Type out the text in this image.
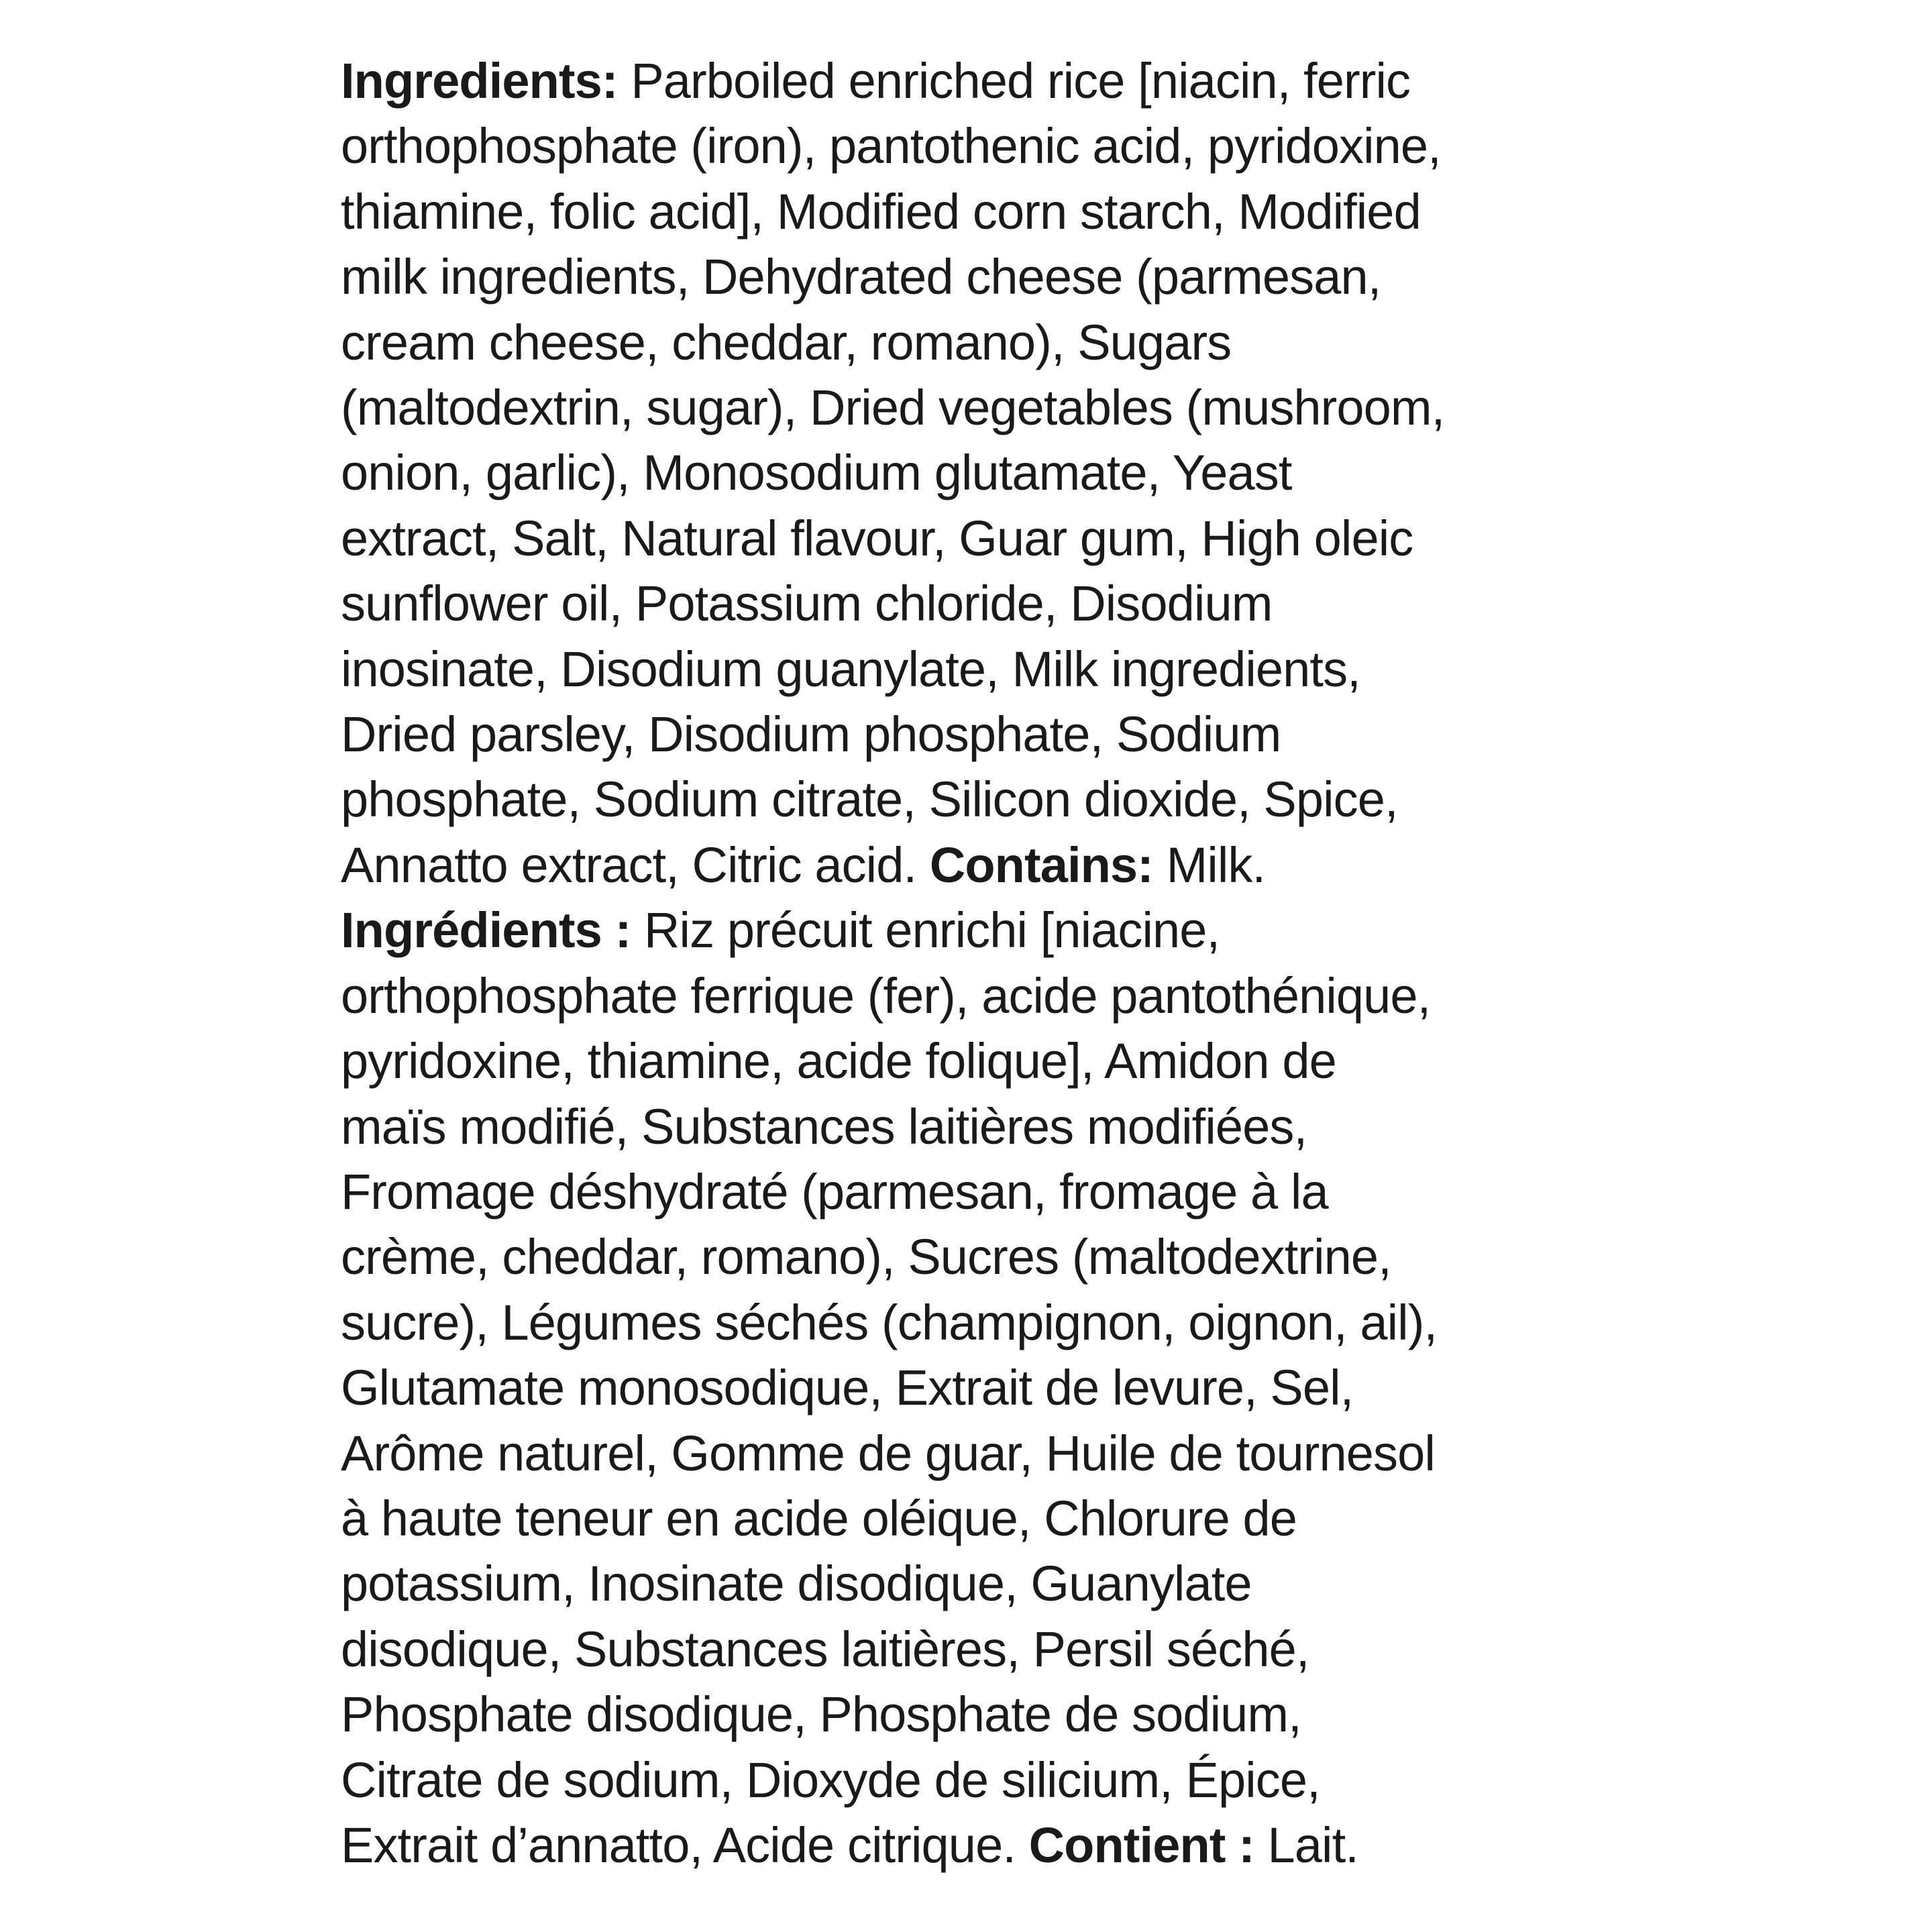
Ingredients: Parboiled enriched rice [niacin, ferric
orthophosphate (iron), pantothenic acid, pyridoxine,
thiamine, folic acid], Modified corn starch, Modified
milk ingredients, Dehydrated cheese (parmesan,
cream cheese, cheddar, romano), Sugars
(maltodextrin, sugar), Dried vegetables (mushroom,
onion, garlic), Monosodium glutamate, Yeast
extract, Salt, Natural flavour, Guar gum, High oleic
sunflower oil, Potassium chloride, Disodium
inosinate, Disodium guanylate, Milk ingredients,
Dried parsley, Disodium phosphate, Sodium
phosphate, Sodium citrate, Silicon dioxide, Spice,
Annatto extract, Citric acid. Contains: Milk.
Ingrédients : Riz précuit enrichi [niacine,
orthophosphate ferrique (fer), acide pantothénique,
pyridoxine, thiamine, acide folique], Amidon de
maïs modifié, Substances laitières modifiées,
Fromage déshydraté (parmesan, fromage à la
crème, cheddar, romano), Sucres (maltodextrine,
sucre), Légumes séchés (champignon, oignon, ail),
Glutamate monosodique, Extrait de levure, Sel,
Arôme naturel, Gomme de guar, Huile de tournesol
à haute teneur en acide oléique, Chlorure de
potassium, Inosinate disodique, Guanylate
disodique, Substances laitières, Persil séché,
Phosphate disodique, Phosphate de sodium,
Citrate de sodium, Dioxyde de silicium, Épice,
Extrait d’annatto, Acide citrique. Contient : Lait.
